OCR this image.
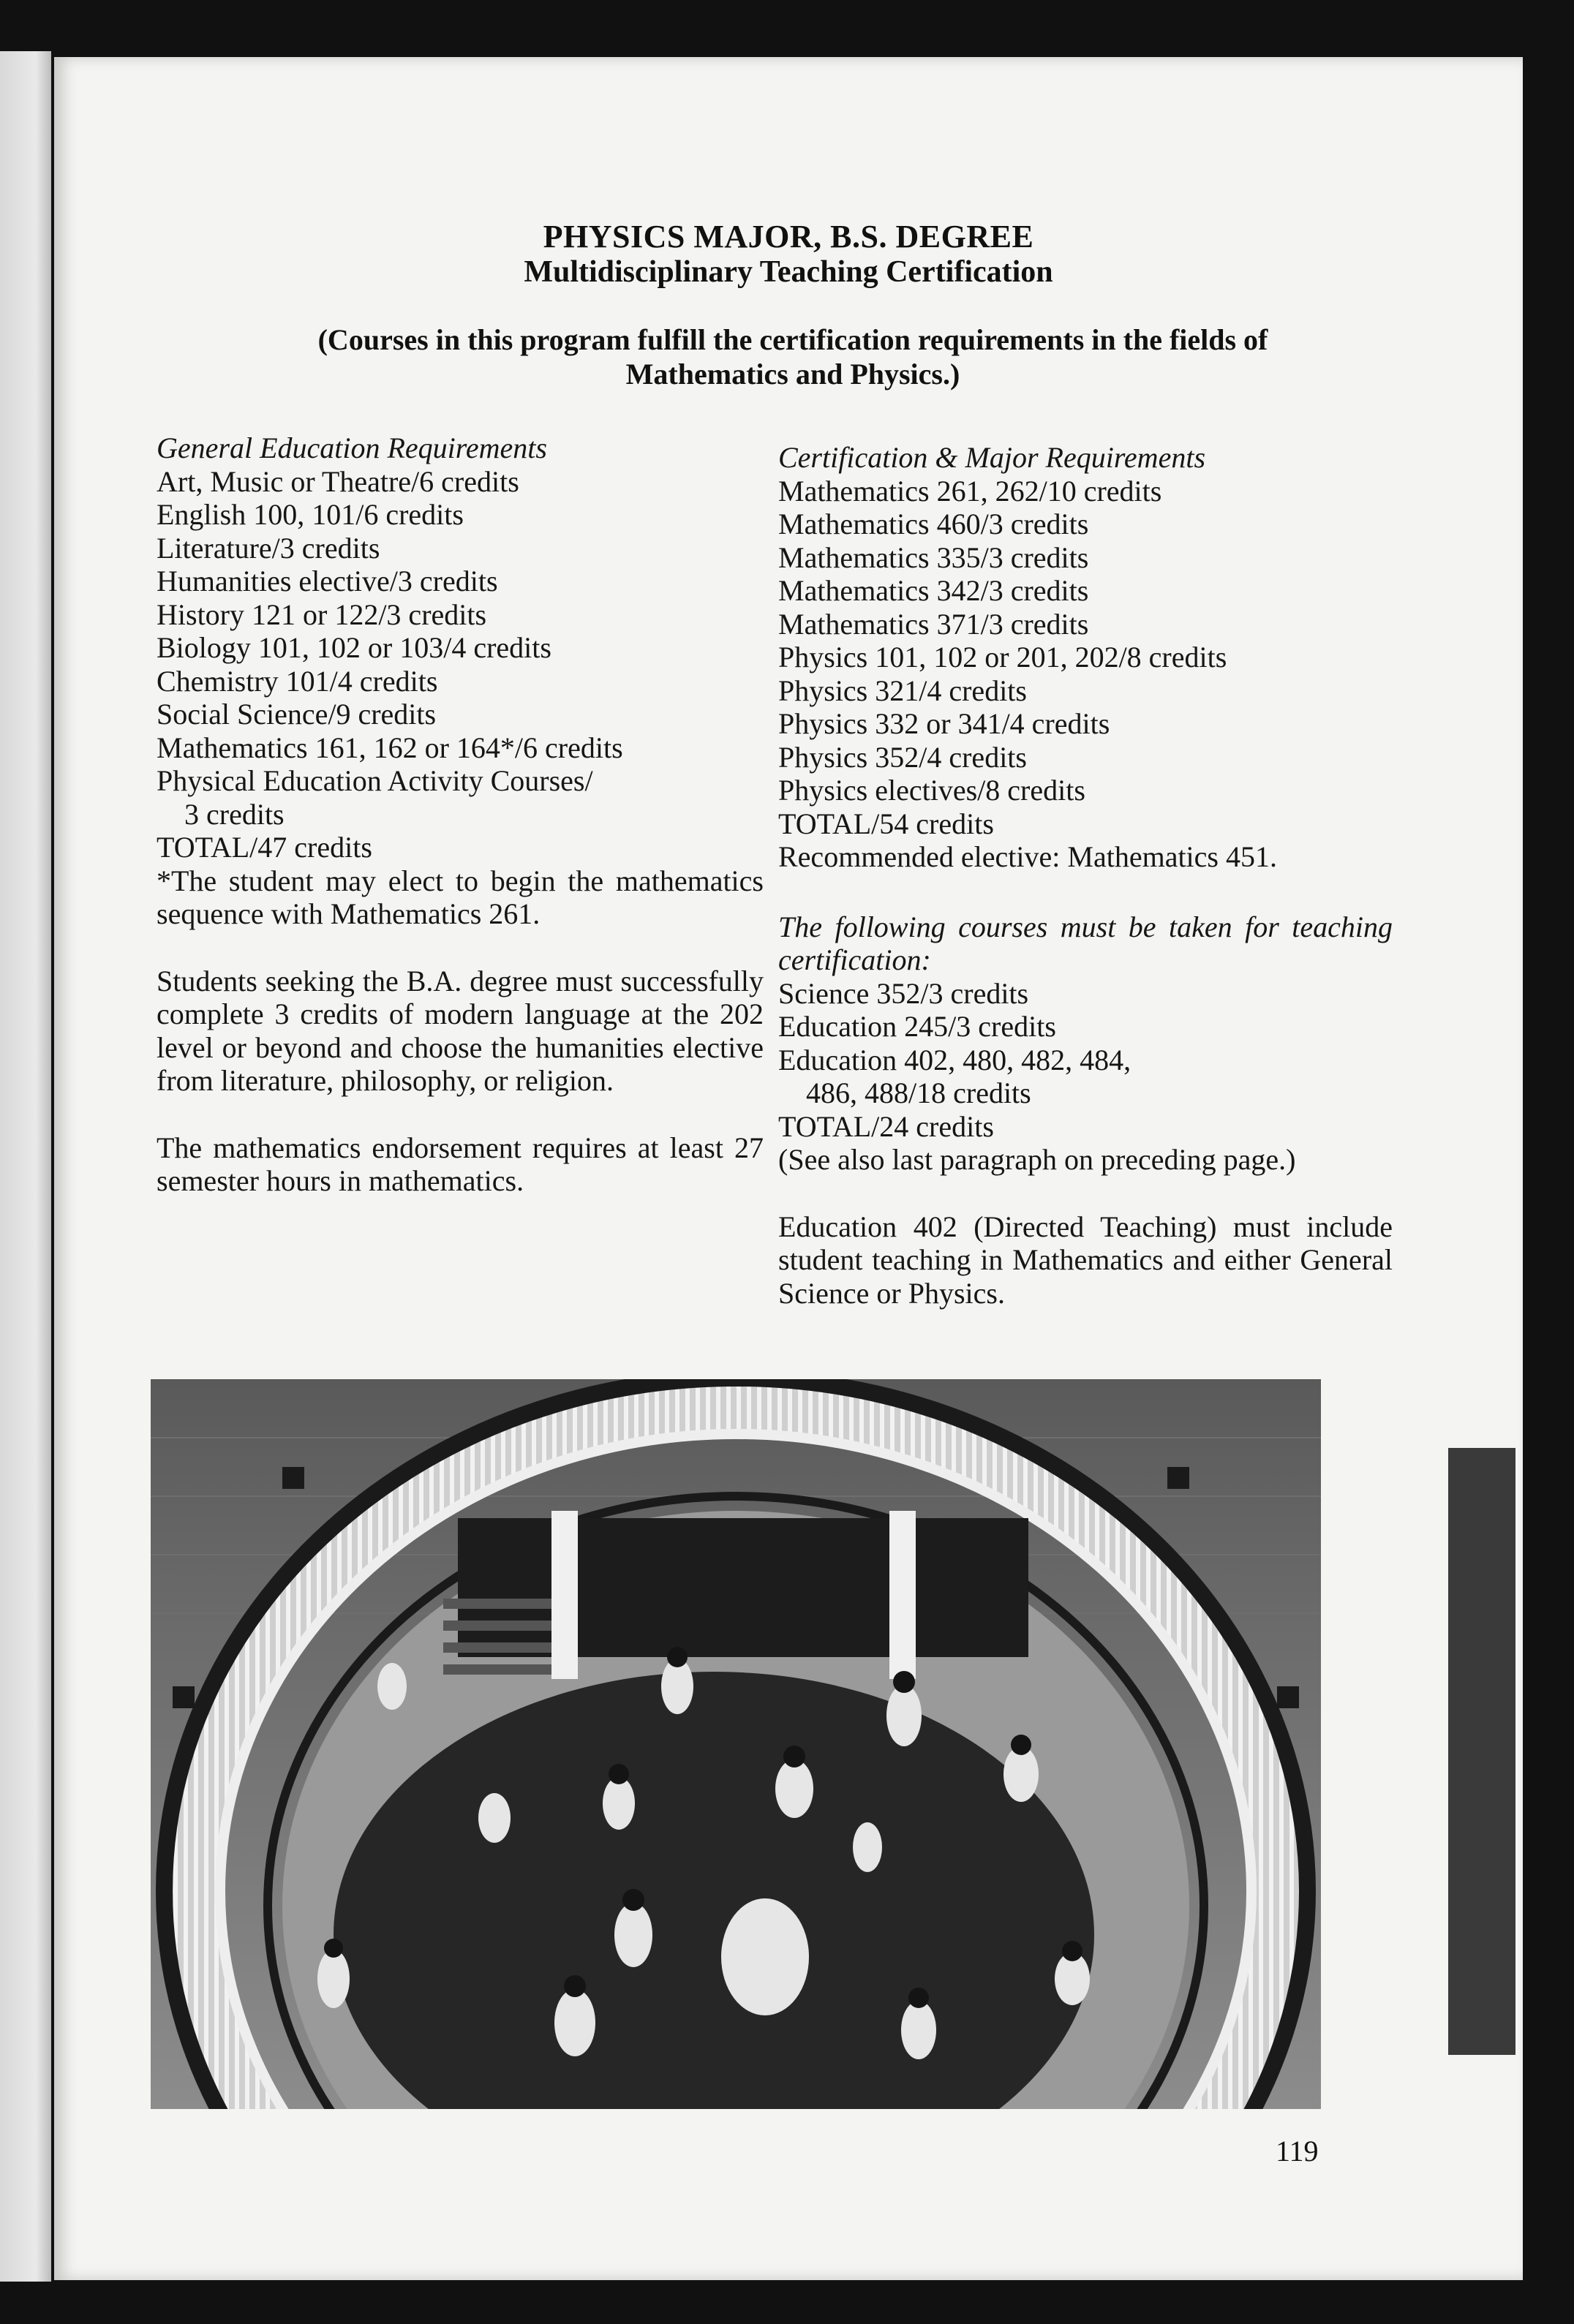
PHYSICS MAJOR, B.S. DEGREE
Multidisciplinary Teaching Certification
(Courses in this program fulfill the certification requirements in the fields of
Mathematics and Physics.)
General Education Requirements
Art, Music or Theatre/6 credits
English 100, 101/6 credits
Literature/3 credits
Humanities elective/3 credits
History 121 or 122/3 credits
Biology 101, 102 or 103/4 credits
Chemistry 101/4 credits
Social Science/9 credits
Mathematics 161, 162 or 164*/6 credits
Physical Education Activity Courses/
3 credits
TOTAL/47 credits

*The student may elect to begin the mathematics sequence with Mathematics 261.

Students seeking the B.A. degree must successfully complete 3 credits of modern language at the 202 level or beyond and choose the humanities elective from literature, philosophy, or religion.

The mathematics endorsement requires at least 27 semester hours in mathematics.

Certification & Major Requirements
Mathematics 261, 262/10 credits
Mathematics 460/3 credits
Mathematics 335/3 credits
Mathematics 342/3 credits
Mathematics 371/3 credits
Physics 101, 102 or 201, 202/8 credits
Physics 321/4 credits
Physics 332 or 341/4 credits
Physics 352/4 credits
Physics electives/8 credits
TOTAL/54 credits
Recommended elective: Mathematics 451.

The following courses must be taken for teaching certification:

Science 352/3 credits
Education 245/3 credits
Education 402, 480, 482, 484,
486, 488/18 credits
TOTAL/24 credits
(See also last paragraph on preceding page.)

Education 402 (Directed Teaching) must include student teaching in Mathematics and either General Science or Physics.

119
